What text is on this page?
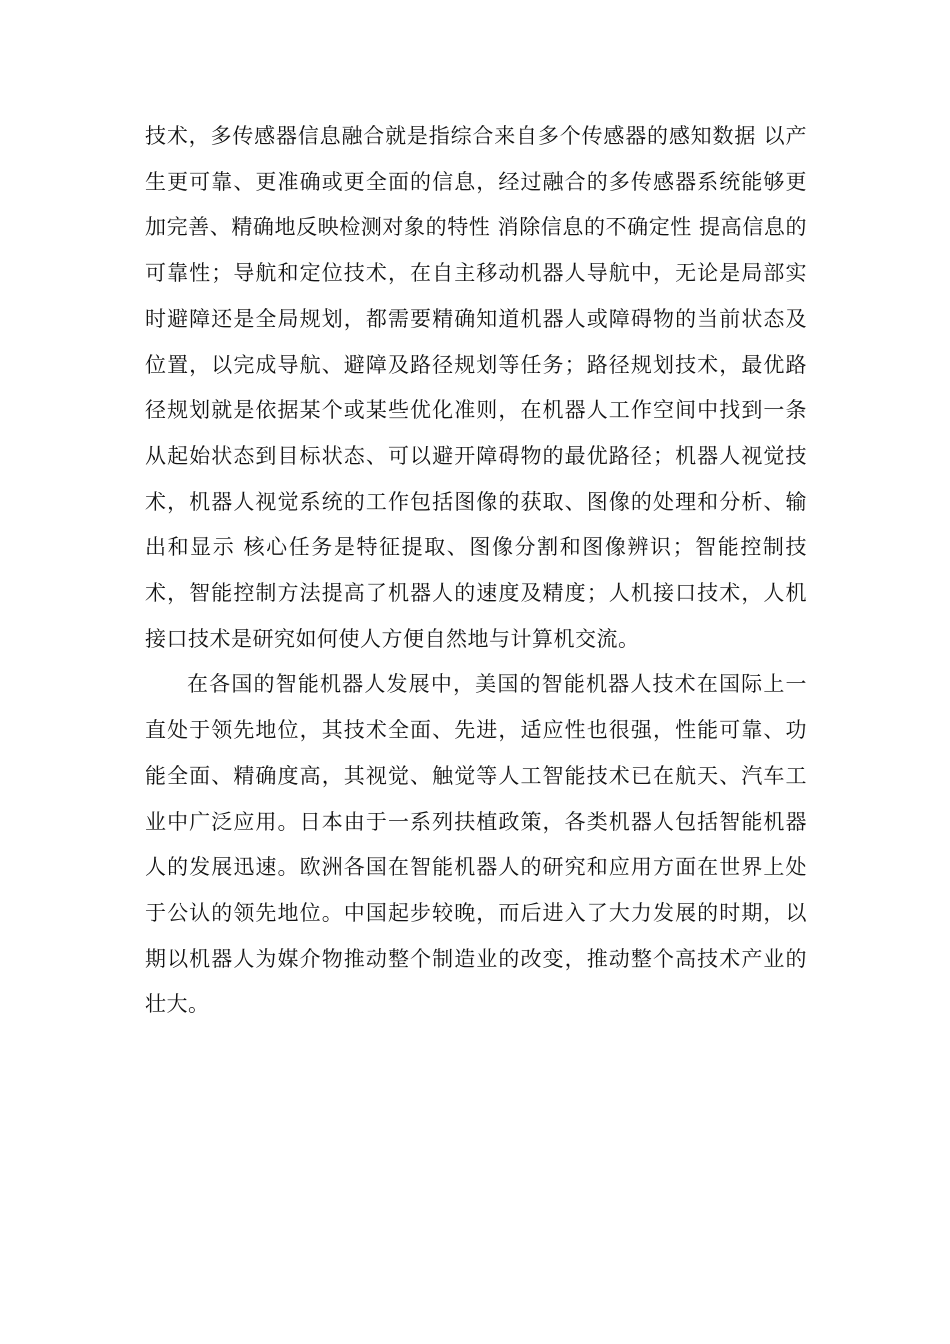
技术，多传感器信息融合就是指综合来自多个传感器的感知数据 以产生更可靠、更准确或更全面的信息，经过融合的多传感器系统能够更加完善、精确地反映检测对象的特性 消除信息的不确定性 提高信息的可靠性；导航和定位技术，在自主移动机器人导航中，无论是局部实时避障还是全局规划，都需要精确知道机器人或障碍物的当前状态及位置，以完成导航、避障及路径规划等任务；路径规划技术，最优路径规划就是依据某个或某些优化准则，在机器人工作空间中找到一条从起始状态到目标状态、可以避开障碍物的最优路径；机器人视觉技术，机器人视觉系统的工作包括图像的获取、图像的处理和分析、输出和显示 核心任务是特征提取、图像分割和图像辨识；智能控制技术，智能控制方法提高了机器人的速度及精度；人机接口技术，人机接口技术是研究如何使人方便自然地与计算机交流。

在各国的智能机器人发展中，美国的智能机器人技术在国际上一直处于领先地位，其技术全面、先进，适应性也很强，性能可靠、功能全面、精确度高，其视觉、触觉等人工智能技术已在航天、汽车工业中广泛应用。日本由于一系列扶植政策，各类机器人包括智能机器人的发展迅速。欧洲各国在智能机器人的研究和应用方面在世界上处于公认的领先地位。中国起步较晚，而后进入了大力发展的时期，以期以机器人为媒介物推动整个制造业的改变，推动整个高技术产业的壮大。
